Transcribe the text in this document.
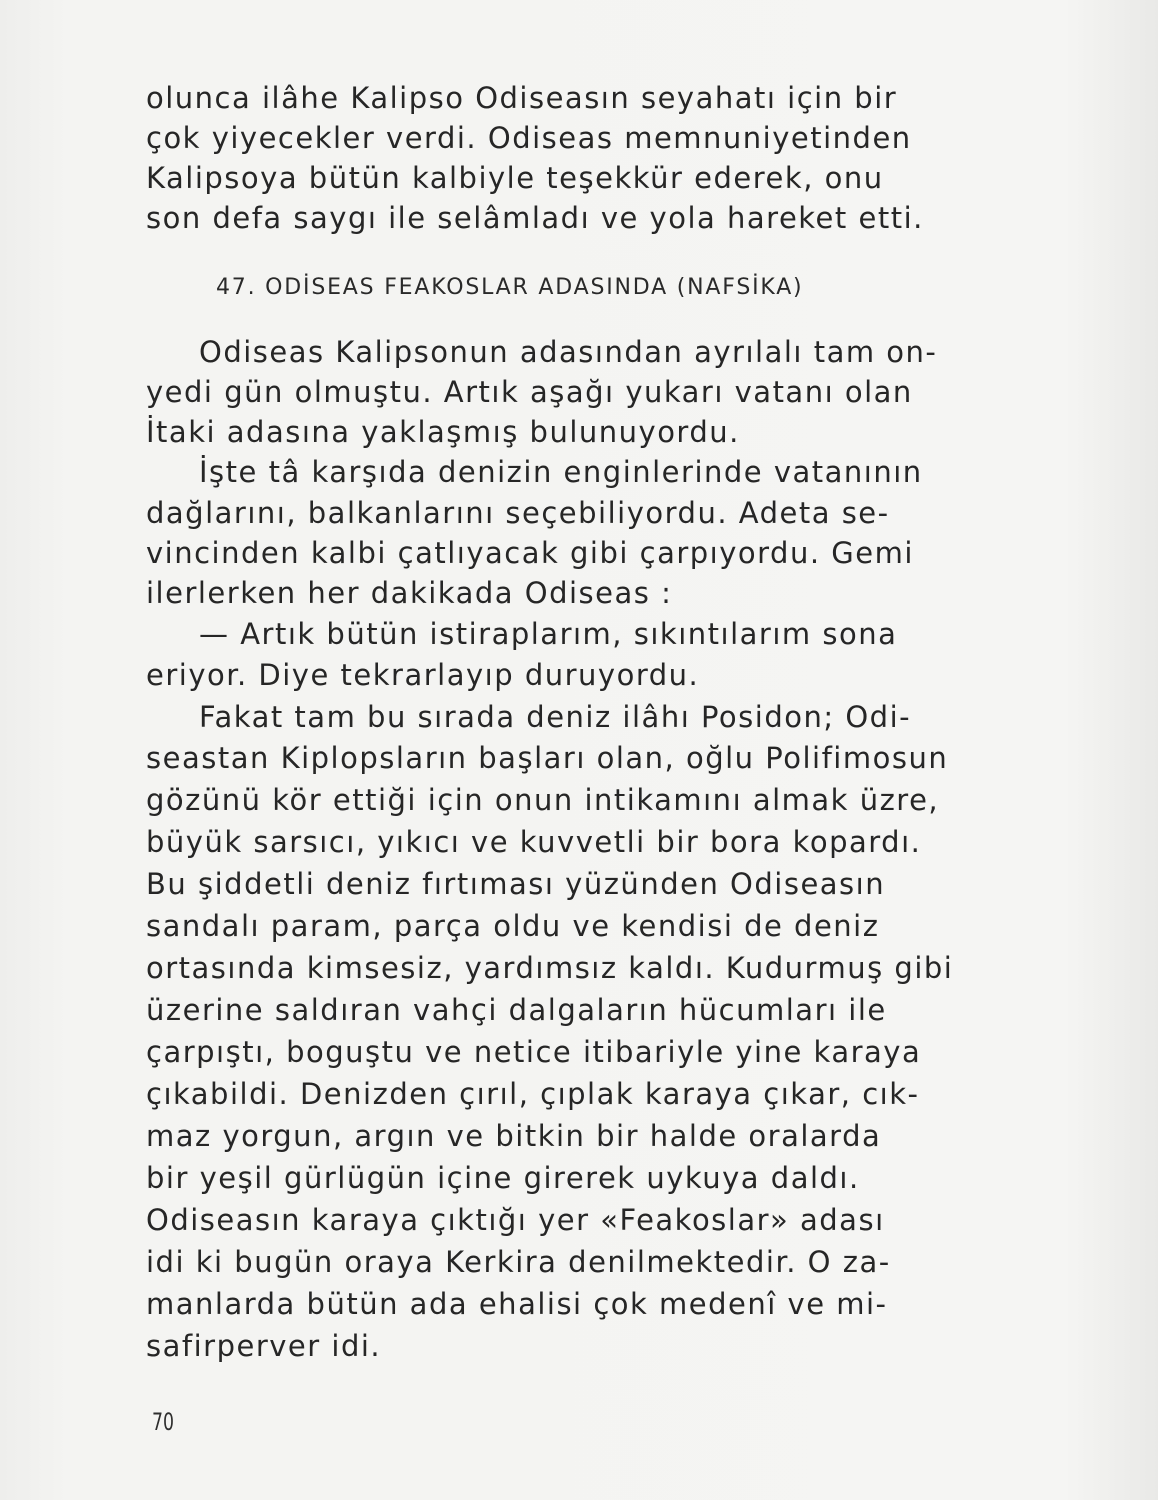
olunca ilâhe Kalipso Odiseasın seyahatı için bir
çok yiyecekler verdi. Odiseas memnuniyetinden
Kalipsoya bütün kalbiyle teşekkür ederek, onu
son defa saygı ile selâmladı ve yola hareket etti.
Odiseas Kalipsonun adasından ayrılalı tam on-
yedi gün olmuştu. Artık aşağı yukarı vatanı olan
İtaki adasına yaklaşmış bulunuyordu.
İşte tâ karşıda denizin enginlerinde vatanının
dağlarını, balkanlarını seçebiliyordu. Adeta se-
vincinden kalbi çatlıyacak gibi çarpıyordu. Gemi
ilerlerken her dakikada Odiseas :
— Artık bütün istiraplarım, sıkıntılarım sona
eriyor. Diye tekrarlayıp duruyordu.
Fakat tam bu sırada deniz ilâhı Posidon; Odi-
seastan Kiplopsların başları olan, oğlu Polifimosun
gözünü kör ettiği için onun intikamını almak üzre,
büyük sarsıcı, yıkıcı ve kuvvetli bir bora kopardı.
Bu şiddetli deniz fırtıması yüzünden Odiseasın
sandalı param, parça oldu ve kendisi de deniz
ortasında kimsesiz, yardımsız kaldı. Kudurmuş gibi
üzerine saldıran vahçi dalgaların hücumları ile
çarpıştı, boguştu ve netice itibariyle yine karaya
çıkabildi. Denizden çırıl, çıplak karaya çıkar, cık-
maz yorgun, argın ve bitkin bir halde oralarda
bir yeşil gürlügün içine girerek uykuya daldı.
Odiseasın karaya çıktığı yer «Feakoslar» adası
idi ki bugün oraya Kerkira denilmektedir. O za-
manlarda bütün ada ehalisi çok medenî ve mi-
safirperver idi.
47. ODİSEAS FEAKOSLAR ADASINDA (NAFSİKA)
70
